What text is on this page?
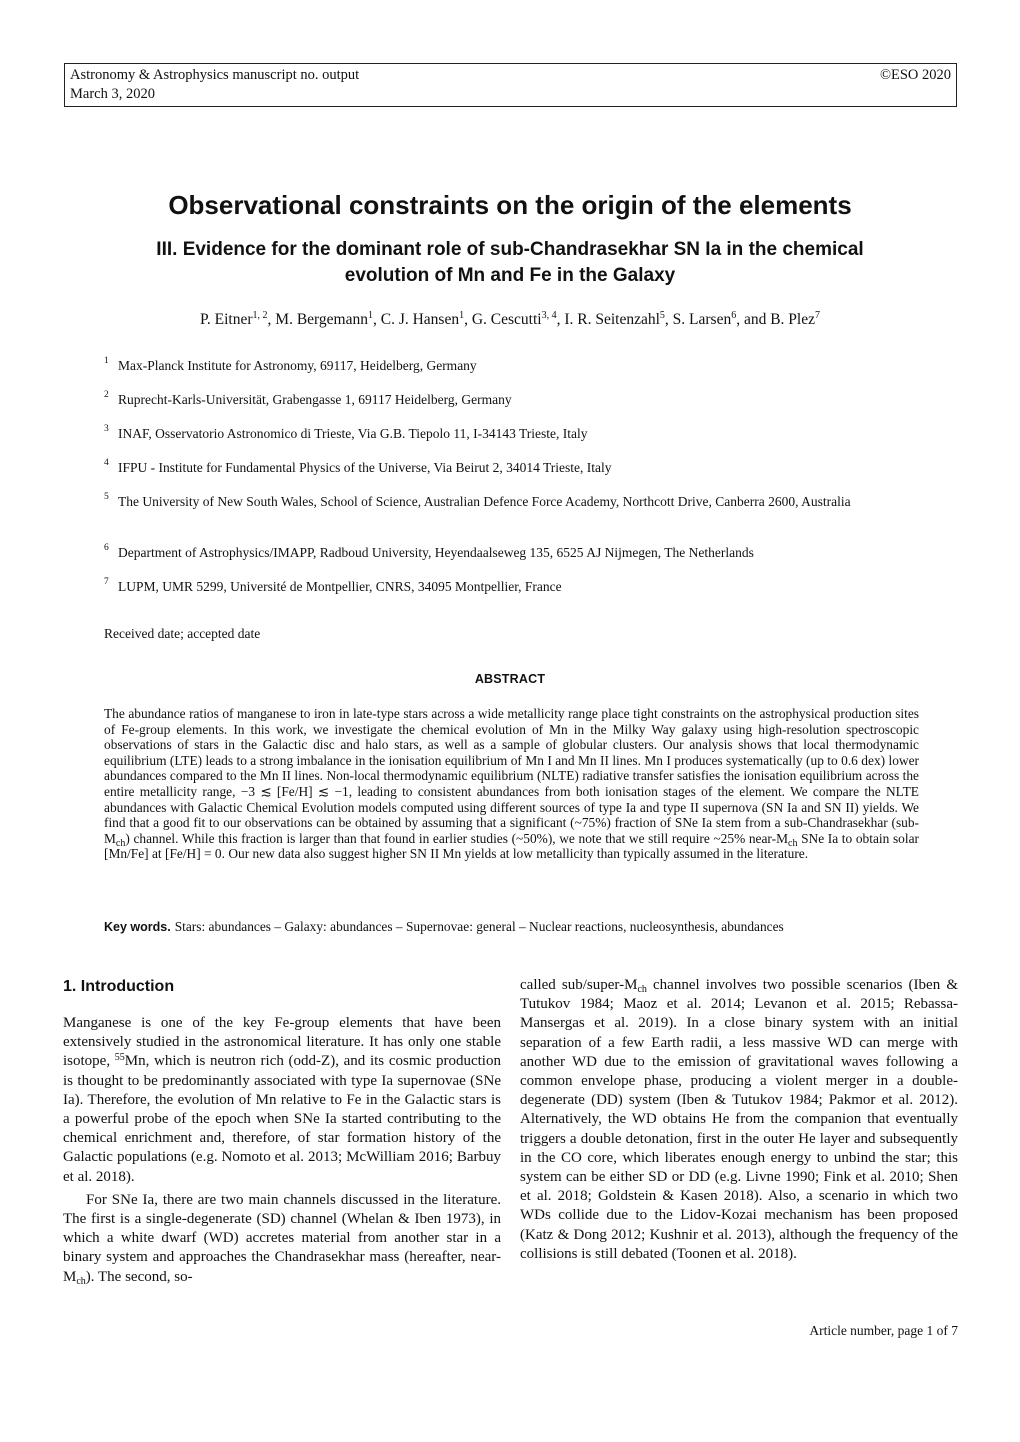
Astronomy & Astrophysics manuscript no. output	©ESO 2020
March 3, 2020
Observational constraints on the origin of the elements
III. Evidence for the dominant role of sub-Chandrasekhar SN Ia in the chemical evolution of Mn and Fe in the Galaxy
P. Eitner$^{1, 2}$, M. Bergemann$^1$, C. J. Hansen$^1$, G. Cescutti$^{3, 4}$, I. R. Seitenzahl$^5$, S. Larsen$^6$, and B. Plez$^7$
1 Max-Planck Institute for Astronomy, 69117, Heidelberg, Germany
2 Ruprecht-Karls-Universität, Grabengasse 1, 69117 Heidelberg, Germany
3 INAF, Osservatorio Astronomico di Trieste, Via G.B. Tiepolo 11, I-34143 Trieste, Italy
4 IFPU - Institute for Fundamental Physics of the Universe, Via Beirut 2, 34014 Trieste, Italy
5 The University of New South Wales, School of Science, Australian Defence Force Academy, Northcott Drive, Canberra 2600, Australia
6 Department of Astrophysics/IMAPP, Radboud University, Heyendaalseweg 135, 6525 AJ Nijmegen, The Netherlands
7 LUPM, UMR 5299, Université de Montpellier, CNRS, 34095 Montpellier, France
Received date; accepted date
ABSTRACT

The abundance ratios of manganese to iron in late-type stars across a wide metallicity range place tight constraints on the astrophysical production sites of Fe-group elements. In this work, we investigate the chemical evolution of Mn in the Milky Way galaxy using high-resolution spectroscopic observations of stars in the Galactic disc and halo stars, as well as a sample of globular clusters. Our analysis shows that local thermodynamic equilibrium (LTE) leads to a strong imbalance in the ionisation equilibrium of Mn I and Mn II lines. Mn I produces systematically (up to 0.6 dex) lower abundances compared to the Mn II lines. Non-local thermodynamic equilibrium (NLTE) radiative transfer satisfies the ionisation equilibrium across the entire metallicity range, −3 ≲ [Fe/H] ≲ −1, leading to consistent abundances from both ionisation stages of the element. We compare the NLTE abundances with Galactic Chemical Evolution models computed using different sources of type Ia and type II supernova (SN Ia and SN II) yields. We find that a good fit to our observations can be obtained by assuming that a significant (~75%) fraction of SNe Ia stem from a sub-Chandrasekhar $(sub-M_{ch})$ channel. While this fraction is larger than that found in earlier studies (~50%), we note that we still require ~25% near-$M_{ch}$ SNe Ia to obtain solar [Mn/Fe] at [Fe/H] = 0. Our new data also suggest higher SN II Mn yields at low metallicity than typically assumed in the literature.

Key words. Stars: abundances – Galaxy: abundances – Supernovae: general – Nuclear reactions, nucleosynthesis, abundances
1. Introduction

Manganese is one of the key Fe-group elements that have been extensively studied in the astronomical literature. It has only one stable isotope, $^{55}$Mn, which is neutron rich (odd-Z), and its cosmic production is thought to be predominantly associated with type Ia supernovae (SNe Ia). Therefore, the evolution of Mn relative to Fe in the Galactic stars is a powerful probe of the epoch when SNe Ia started contributing to the chemical enrichment and, therefore, of star formation history of the Galactic populations (e.g. Nomoto et al. 2013; McWilliam 2016; Barbuy et al. 2018).

For SNe Ia, there are two main channels discussed in the literature. The first is a single-degenerate (SD) channel (Whelan & Iben 1973), in which a white dwarf (WD) accretes material from another star in a binary system and approaches the Chandrasekhar mass (hereafter, near-$M_{ch}$). The second, so-

called sub/$super-M_{ch}$ channel involves two possible scenarios (Iben & Tutukov 1984; Maoz et al. 2014; Levanon et al. 2015; Rebassa-Mansergas et al. 2019). In a close binary system with an initial separation of a few Earth radii, a less massive WD can merge with another WD due to the emission of gravitational waves following a common envelope phase, producing a violent merger in a double-degenerate (DD) system (Iben & Tutukov 1984; Pakmor et al. 2012). Alternatively, the WD obtains He from the companion that eventually triggers a double detonation, first in the outer He layer and subsequently in the CO core, which liberates enough energy to unbind the star; this system can be either SD or DD (e.g. Livne 1990; Fink et al. 2010; Shen et al. 2018; Goldstein & Kasen 2018). Also, a scenario in which two WDs collide due to the Lidov-Kozai mechanism has been proposed (Katz & Dong 2012; Kushnir et al. 2013), although the frequency of the collisions is still debated (Toonen et al. 2018).

Article number, page 1 of 7
